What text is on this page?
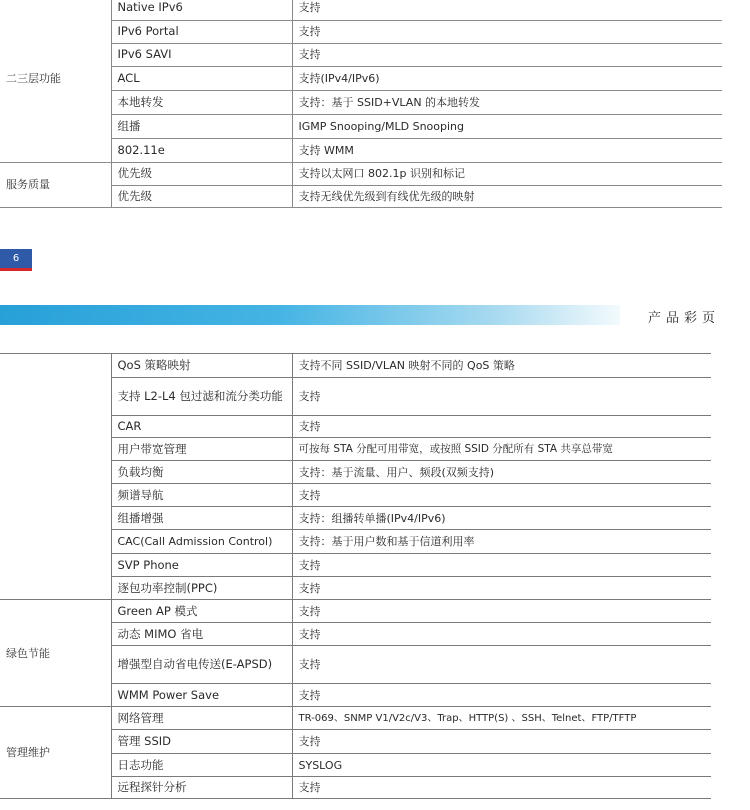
二三层功能	Native IPv6	支持
	IPv6 Portal	支持
	IPv6 SAVI	支持
	ACL	支持(IPv4/IPv6)
	本地转发	支持：基于 SSID+VLAN 的本地转发
	组播	IGMP Snooping/MLD Snooping
	802.11e	支持 WMM
服务质量	优先级	支持以太网口 802.1p 识别和标记
	优先级	支持无线优先级到有线优先级的映射
6
产品彩页
	QoS 策略映射	支持不同 SSID/VLAN 映射不同的 QoS 策略
	支持 L2-L4 包过滤和流分类功能	支持
	CAR	支持
	用户带宽管理	可按每 STA 分配可用带宽，或按照 SSID 分配所有 STA 共享总带宽
	负载均衡	支持：基于流量、用户、频段(双频支持)
	频谱导航	支持
	组播增强	支持：组播转单播(IPv4/IPv6)
	CAC(Call Admission Control)	支持：基于用户数和基于信道利用率
	SVP Phone	支持
	逐包功率控制(PPC)	支持
绿色节能	Green AP 模式	支持
	动态 MIMO 省电	支持
	增强型自动省电传送(E-APSD)	支持
	WMM Power Save	支持
管理维护	网络管理	TR-069、SNMP V1/V2c/V3、Trap、HTTP(S) 、SSH、Telnet、FTP/TFTP
	管理 SSID	支持
	日志功能	SYSLOG
	远程探针分析	支持
